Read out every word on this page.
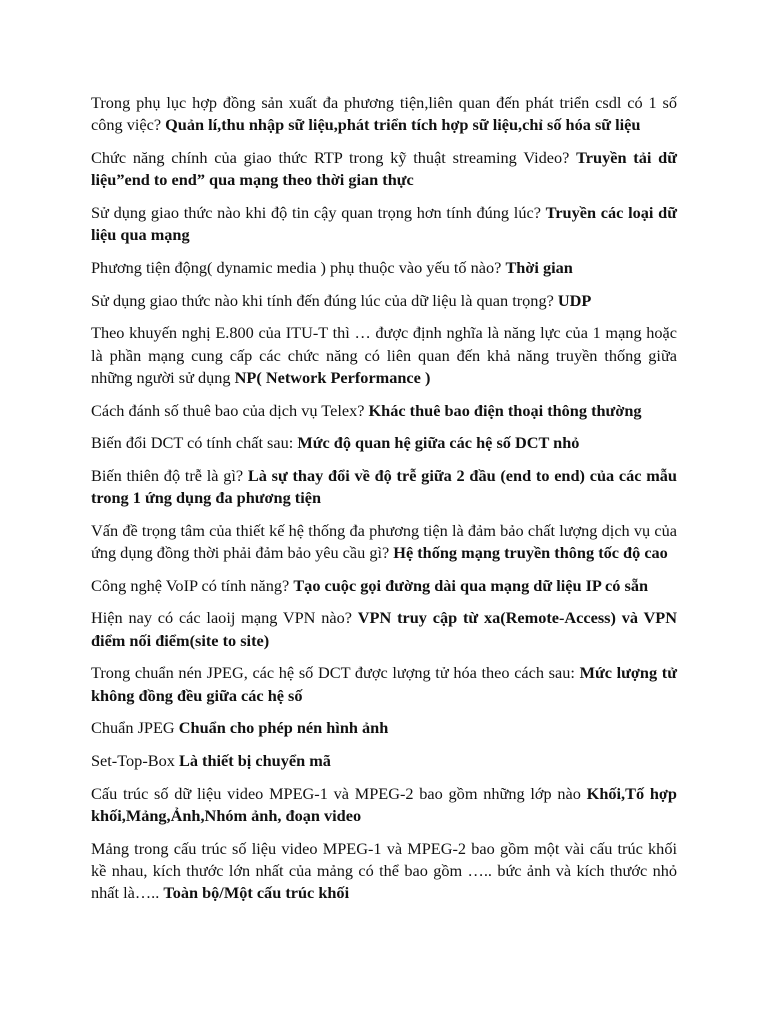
Trong phụ lục hợp đồng sản xuất đa phương tiện,liên quan đến phát triển csdl có 1 số công việc? Quản lí,thu nhập sữ liệu,phát triển tích hợp sữ liệu,chỉ số hóa sữ liệu

Chức năng chính của giao thức RTP trong kỹ thuật streaming Video? Truyền tải dữ liệu”end to end” qua mạng theo thời gian thực

Sử dụng giao thức nào khi độ tin cậy quan trọng hơn tính đúng lúc? Truyền các loại dữ liệu qua mạng

Phương tiện động( dynamic media ) phụ thuộc vào yếu tố nào? Thời gian

Sử dụng giao thức nào khi tính đến đúng lúc của dữ liệu là quan trọng? UDP

Theo khuyến nghị E.800 của ITU-T thì … được định nghĩa là năng lực của 1 mạng hoặc là phần mạng cung cấp các chức năng có liên quan đến khả năng truyền thống giữa những người sử dụng NP( Network Performance )

Cách đánh số thuê bao của dịch vụ Telex? Khác thuê bao điện thoại thông thường

Biến đổi DCT có tính chất sau: Mức độ quan hệ giữa các hệ số DCT nhỏ

Biến thiên độ trễ là gì? Là sự thay đổi về độ trễ giữa 2 đầu (end to end) của các mẫu trong 1 ứng dụng đa phương tiện

Vấn đề trọng tâm của thiết kế hệ thống đa phương tiện là đảm bảo chất lượng dịch vụ của ứng dụng đồng thời phải đảm bảo yêu cầu gì? Hệ thống mạng truyền thông tốc độ cao

Công nghệ VoIP có tính năng? Tạo cuộc gọi đường dài qua mạng dữ liệu IP có sẵn

Hiện nay có các laoij mạng VPN nào? VPN truy cập từ xa(Remote-Access) và VPN điểm nối điểm(site to site)

Trong chuẩn nén JPEG, các hệ số DCT được lượng tử hóa theo cách sau: Mức lượng tử không đồng đều giữa các hệ số

Chuẩn JPEG Chuẩn cho phép nén hình ảnh

Set-Top-Box Là thiết bị chuyển mã

Cấu trúc số dữ liệu video MPEG-1 và MPEG-2 bao gồm những lớp nào Khối,Tố hợp khối,Mảng,Ảnh,Nhóm ảnh, đoạn video

Mảng trong cấu trúc số liệu video MPEG-1 và MPEG-2 bao gồm một vài cấu trúc khối kề nhau, kích thước lớn nhất của mảng có thể bao gồm ….. bức ảnh và kích thước nhỏ nhất là….. Toàn bộ/Một cấu trúc khối
